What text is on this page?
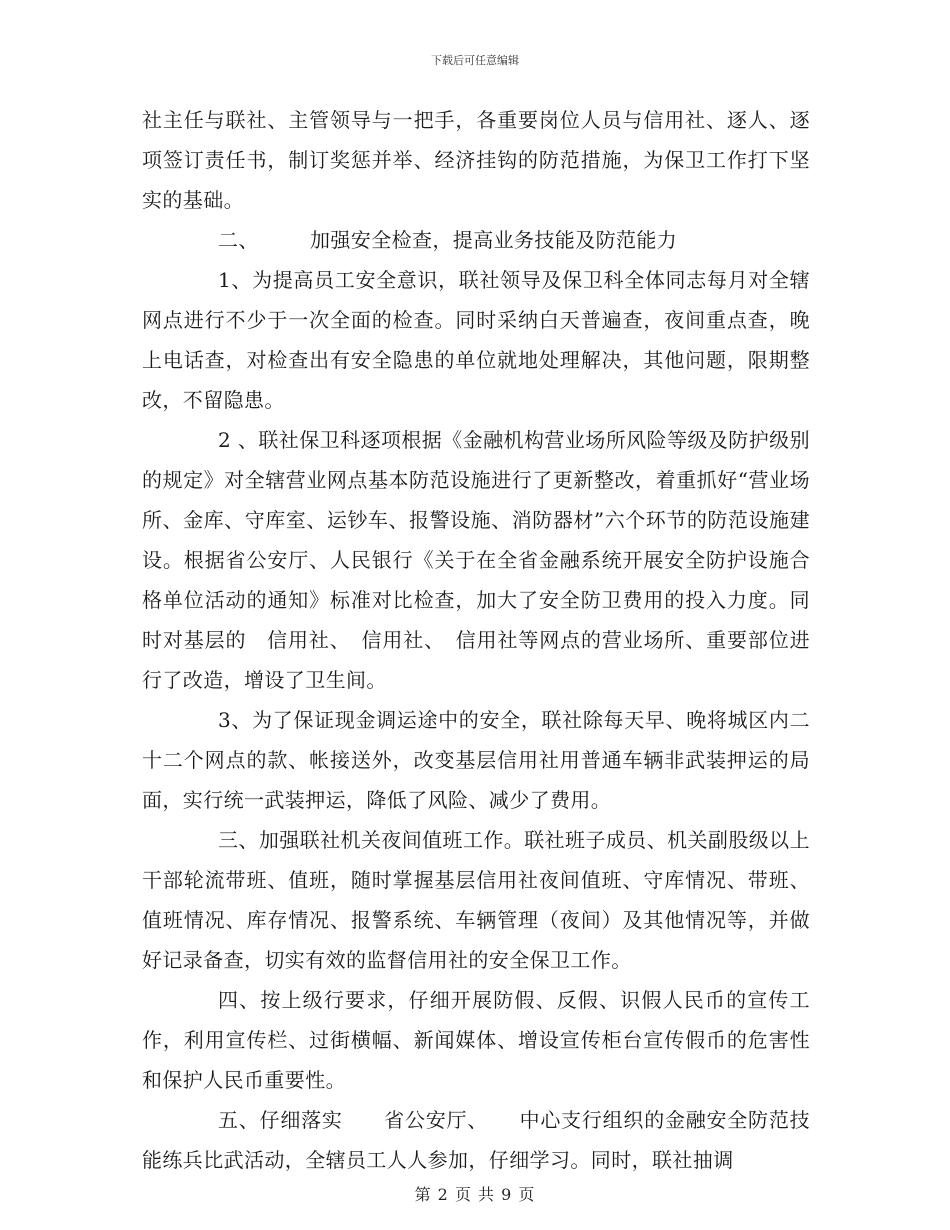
下载后可任意编辑

社主任与联社、主管领导与一把手，各重要岗位人员与信用社、逐人、逐项签订责任书，制订奖惩并举、经济挂钩的防范措施，为保卫工作打下坚实的基础。

二、　　　加强安全检查，提高业务技能及防范能力

1、为提高员工安全意识，联社领导及保卫科全体同志每月对全辖网点进行不少于一次全面的检查。同时采纳白天普遍查，夜间重点查，晚上电话查，对检查出有安全隐患的单位就地处理解决，其他问题，限期整改，不留隐患。

2 、联社保卫科逐项根据《金融机构营业场所风险等级及防护级别的规定》对全辖营业网点基本防范设施进行了更新整改，着重抓好“营业场所、金库、守库室、运钞车、报警设施、消防器材”六个环节的防范设施建设。根据省公安厅、人民银行《关于在全省金融系统开展安全防护设施合格单位活动的通知》标准对比检查，加大了安全防卫费用的投入力度。同时对基层的　信用社、　信用社、　信用社等网点的营业场所、重要部位进行了改造，增设了卫生间。

3、为了保证现金调运途中的安全，联社除每天早、晚将城区内二十二个网点的款、帐接送外，改变基层信用社用普通车辆非武装押运的局面，实行统一武装押运，降低了风险、减少了费用。

三、加强联社机关夜间值班工作。联社班子成员、机关副股级以上干部轮流带班、值班，随时掌握基层信用社夜间值班、守库情况、带班、值班情况、库存情况、报警系统、车辆管理（夜间）及其他情况等，并做好记录备查，切实有效的监督信用社的安全保卫工作。

四、按上级行要求，仔细开展防假、反假、识假人民币的宣传工作，利用宣传栏、过街横幅、新闻媒体、增设宣传柜台宣传假币的危害性和保护人民币重要性。

五、仔细落实　　省公安厅、　　中心支行组织的金融安全防范技能练兵比武活动，全辖员工人人参加，仔细学习。同时，联社抽调

第 2 页 共 9 页
